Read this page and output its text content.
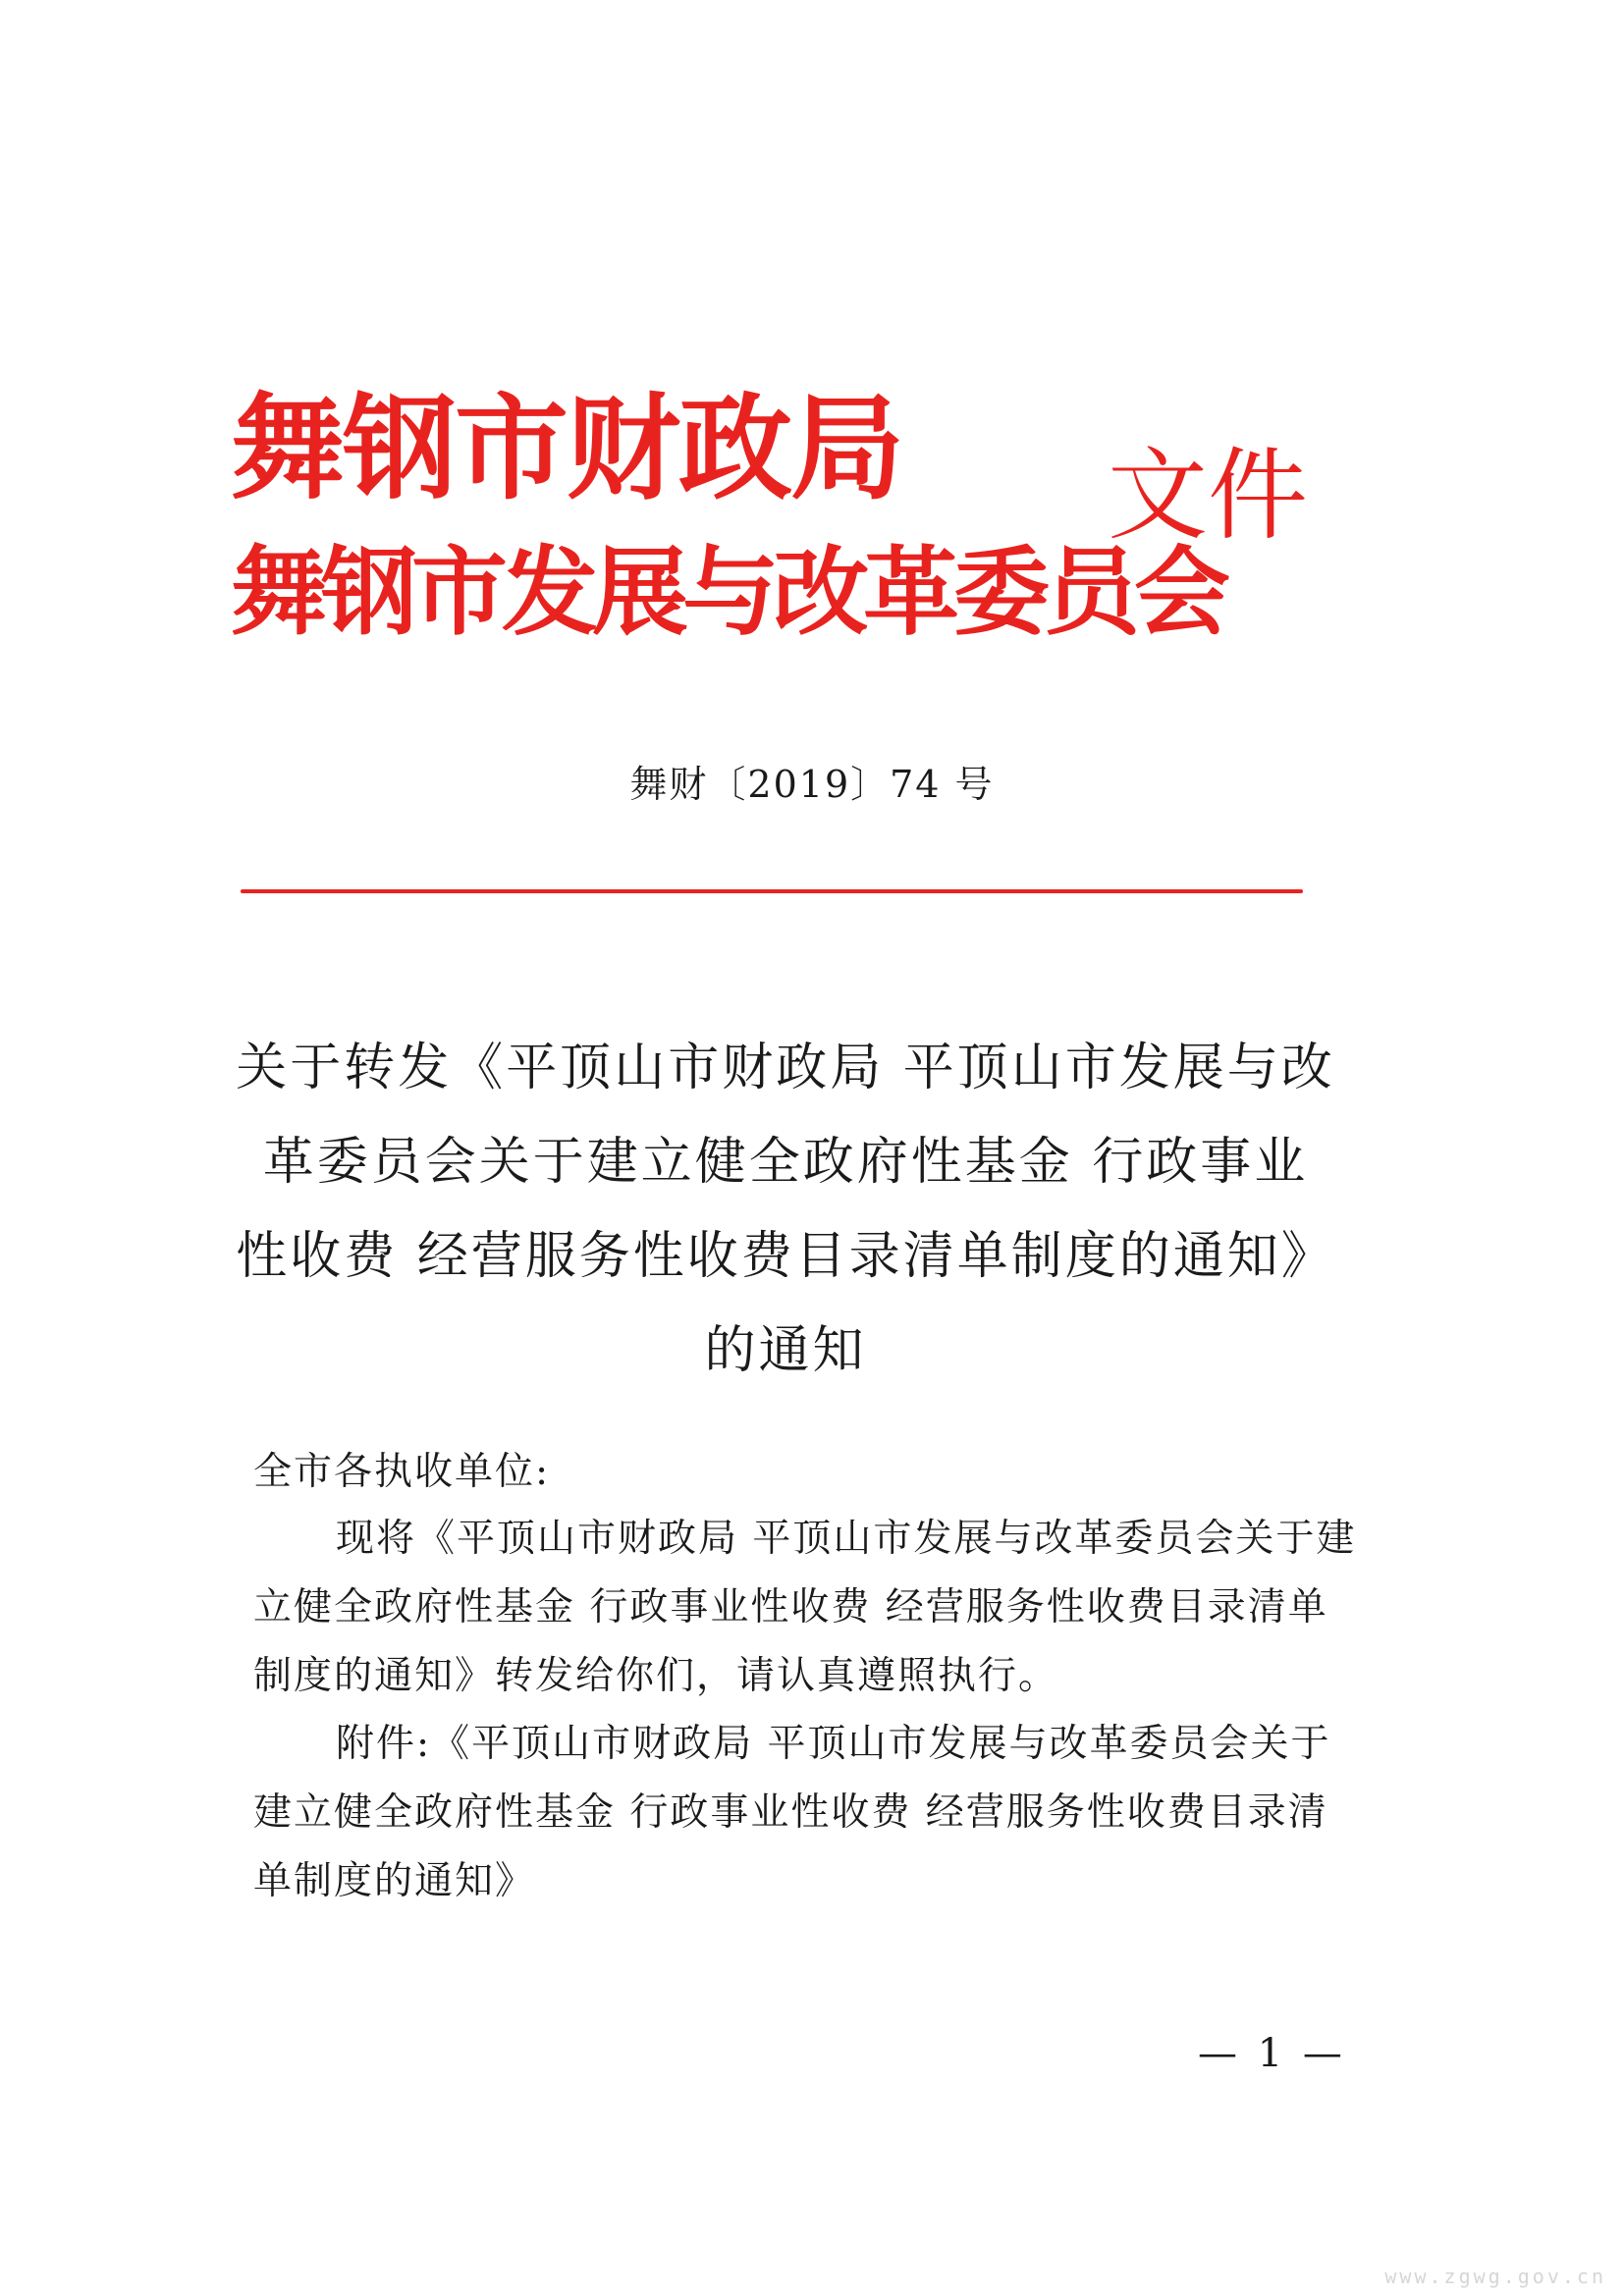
舞钢市财政局
舞钢市发展与改革委员会
文件
舞财〔2019〕74 号
关于转发《平顶山市财政局 平顶山市发展与改
革委员会关于建立健全政府性基金 行政事业
性收费 经营服务性收费目录清单制度的通知》
的通知
全市各执收单位:
现将《平顶山市财政局 平顶山市发展与改革委员会关于建立健全政府性基金 行政事业性收费 经营服务性收费目录清单制度的通知》转发给你们，请认真遵照执行。
附件:《平顶山市财政局 平顶山市发展与改革委员会关于建立健全政府性基金 行政事业性收费 经营服务性收费目录清单制度的通知》
— 1 —
www.zgwg.gov.cn
